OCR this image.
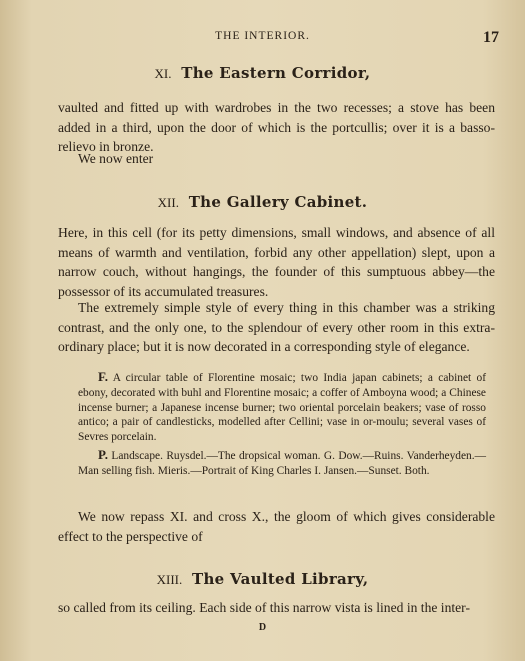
THE INTERIOR.	17
XI. The Eastern Corridor,

vaulted and fitted up with wardrobes in the two recesses; a stove has been added in a third, upon the door of which is the portcullis; over it is a basso-relievo in bronze.

We now enter

XII. The Gallery Cabinet.

Here, in this cell (for its petty dimensions, small windows, and absence of all means of warmth and ventilation, forbid any other appellation) slept, upon a narrow couch, without hangings, the founder of this sumptuous abbey—the possessor of its accumulated treasures.

The extremely simple style of every thing in this chamber was a striking contrast, and the only one, to the splendour of every other room in this extra-ordinary place; but it is now decorated in a corresponding style of elegance.

F. A circular table of Florentine mosaic; two India japan cabinets; a cabinet of ebony, decorated with buhl and Florentine mosaic; a coffer of Amboyna wood; a Chinese incense burner; a Japanese incense burner; two oriental porcelain beakers; vase of rosso antico; a pair of candlesticks, modelled after Cellini; vase in or-moulu; several vases of Sevres porcelain.

P. Landscape. Ruysdel.—The dropsical woman. G. Dow.—Ruins. Vanderheyden.—Man selling fish. Mieris.—Portrait of King Charles I. Jansen.—Sunset. Both.

We now repass XI. and cross X., the gloom of which gives considerable effect to the perspective of

XIII. The Vaulted Library,

so called from its ceiling. Each side of this narrow vista is lined in the inter-

D
